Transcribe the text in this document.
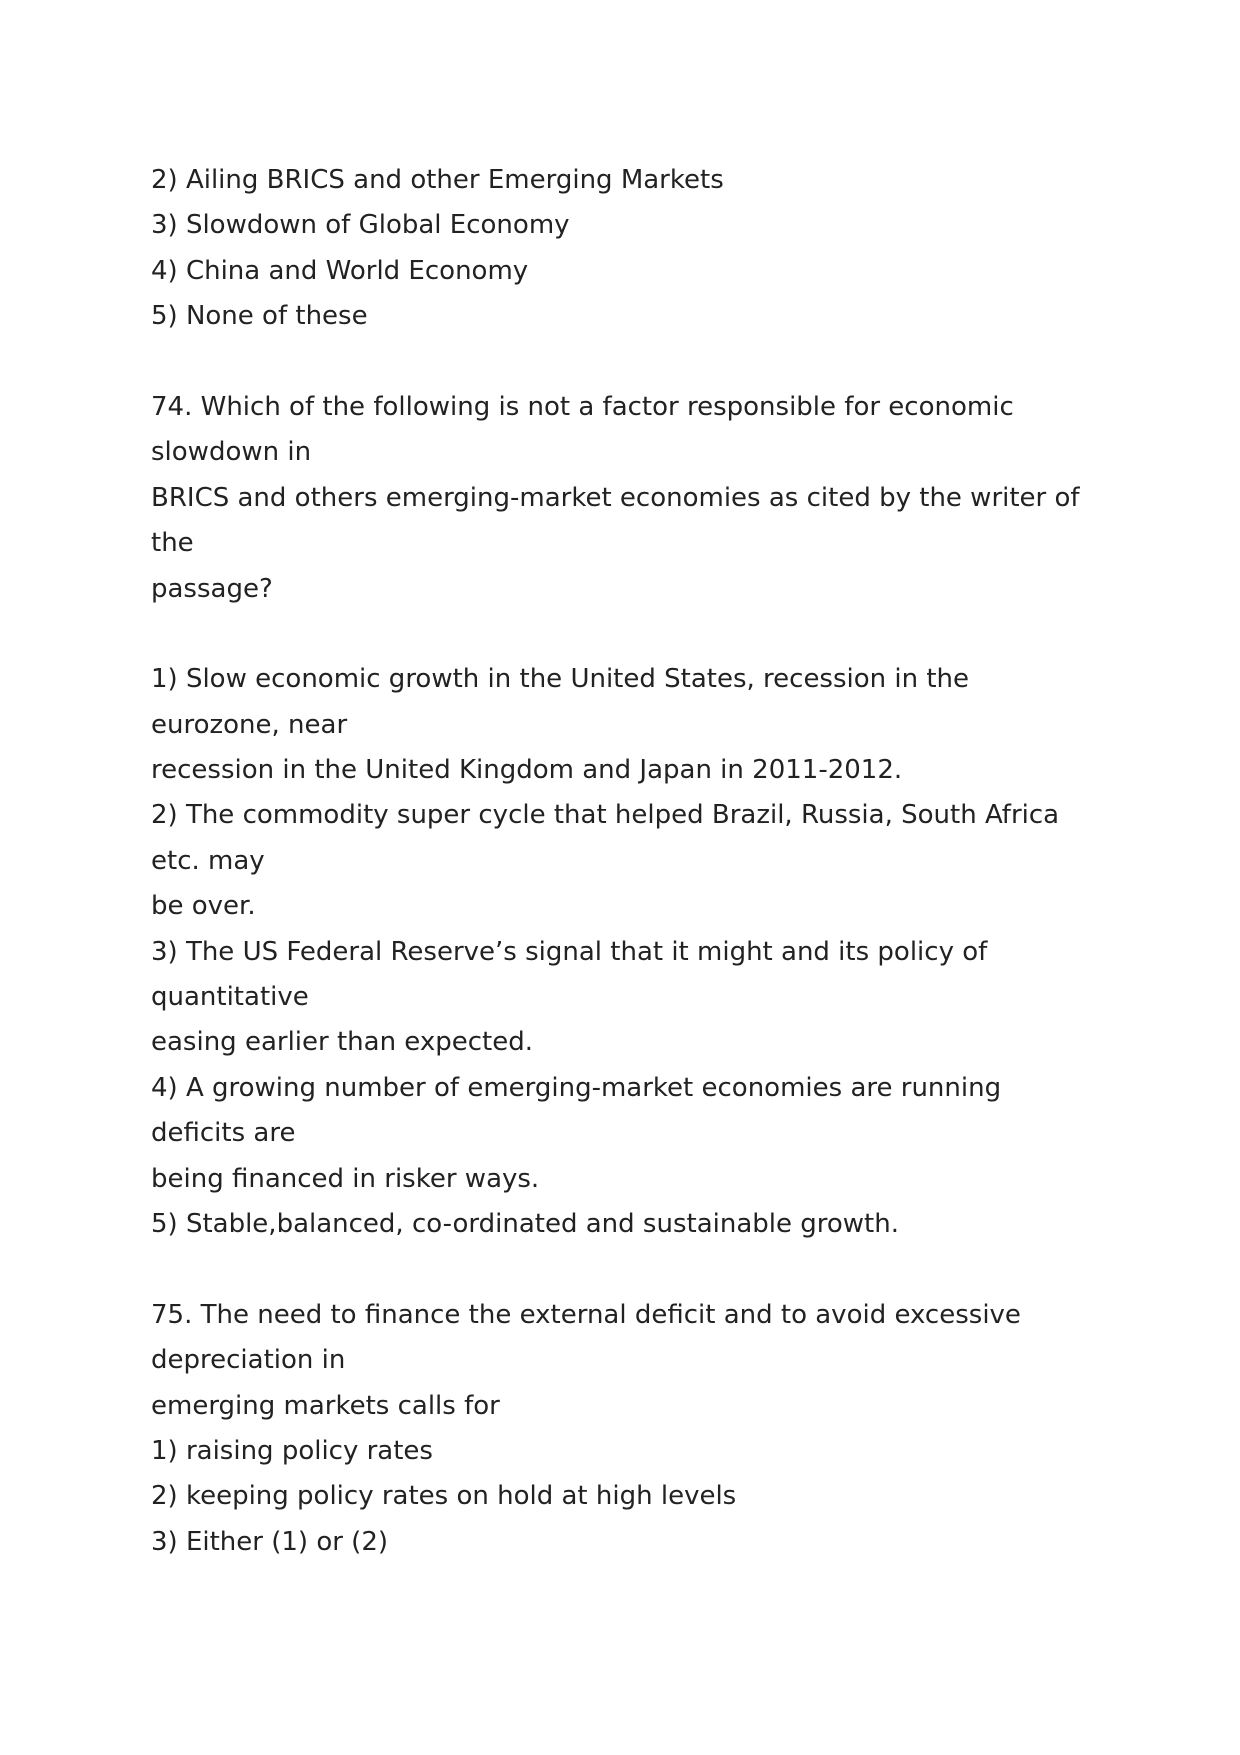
2) Ailing BRICS and other Emerging Markets
3) Slowdown of Global Economy
4) China and World Economy
5) None of these
74. Which of the following is not a factor responsible for economic
slowdown in
BRICS and others emerging-market economies as cited by the writer of
the
passage?
1) Slow economic growth in the United States, recession in the
eurozone, near
recession in the United Kingdom and Japan in 2011-2012.
2) The commodity super cycle that helped Brazil, Russia, South Africa
etc. may
be over.
3) The US Federal Reserve’s signal that it might and its policy of
quantitative
easing earlier than expected.
4) A growing number of emerging-market economies are running
deficits are
being financed in risker ways.
5) Stable,balanced, co-ordinated and sustainable growth.
75. The need to finance the external deficit and to avoid excessive
depreciation in
emerging markets calls for
1) raising policy rates
2) keeping policy rates on hold at high levels
3) Either (1) or (2)
